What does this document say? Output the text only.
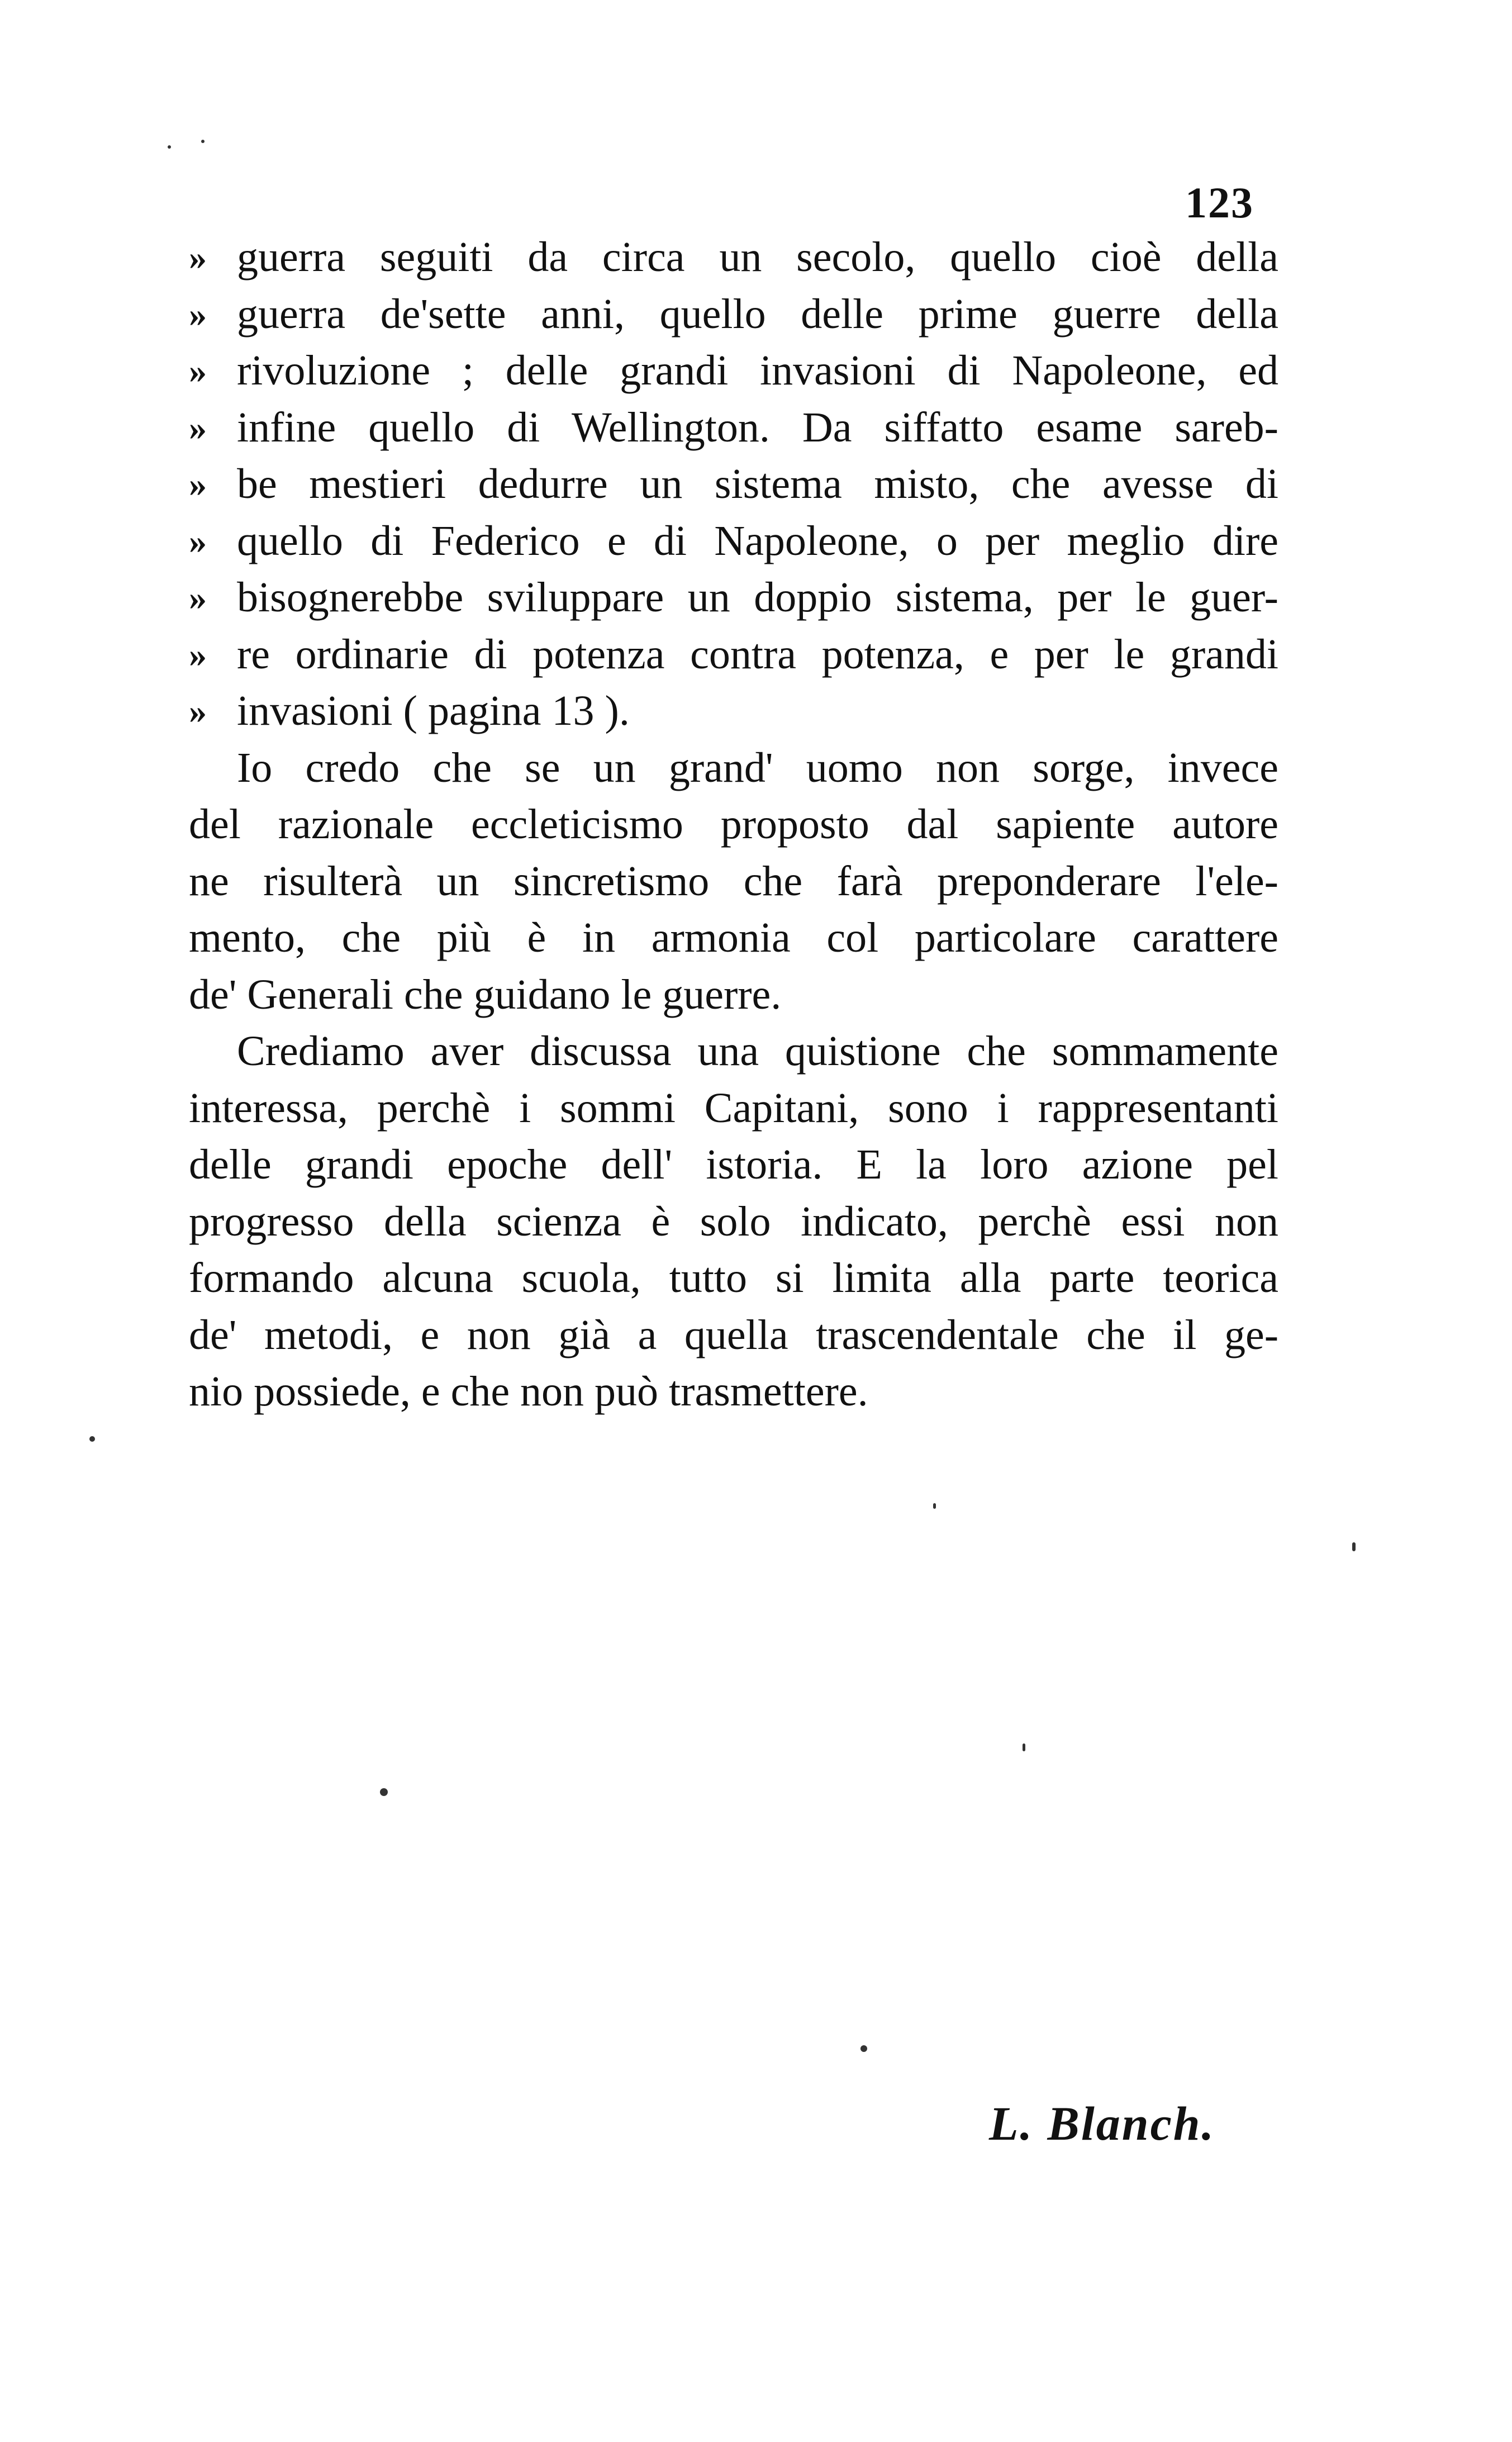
123
» guerra seguiti da circa un secolo, quello cioè della
» guerra de'sette anni, quello delle prime guerre della
» rivoluzione ; delle grandi invasioni di Napoleone, ed
» infine quello di Wellington. Da siffatto esame sareb-
» be mestieri dedurre un sistema misto, che avesse di
» quello di Federico e di Napoleone, o per meglio dire
» bisognerebbe sviluppare un doppio sistema, per le guer-
» re ordinarie di potenza contra potenza, e per le grandi
» invasioni ( pagina 13 ).
Io credo che se un grand' uomo non sorge, invece
del razionale eccleticismo proposto dal sapiente autore
ne risulterà un sincretismo che farà preponderare l'ele-
mento, che più è in armonia col particolare carattere
de' Generali che guidano le guerre.
Crediamo aver discussa una quistione che sommamente
interessa, perchè i sommi Capitani, sono i rappresentanti
delle grandi epoche dell' istoria. E la loro azione pel
progresso della scienza è solo indicato, perchè essi non
formando alcuna scuola, tutto si limita alla parte teorica
de' metodi, e non già a quella trascendentale che il ge-
nio possiede, e che non può trasmettere.
L. Blanch.
